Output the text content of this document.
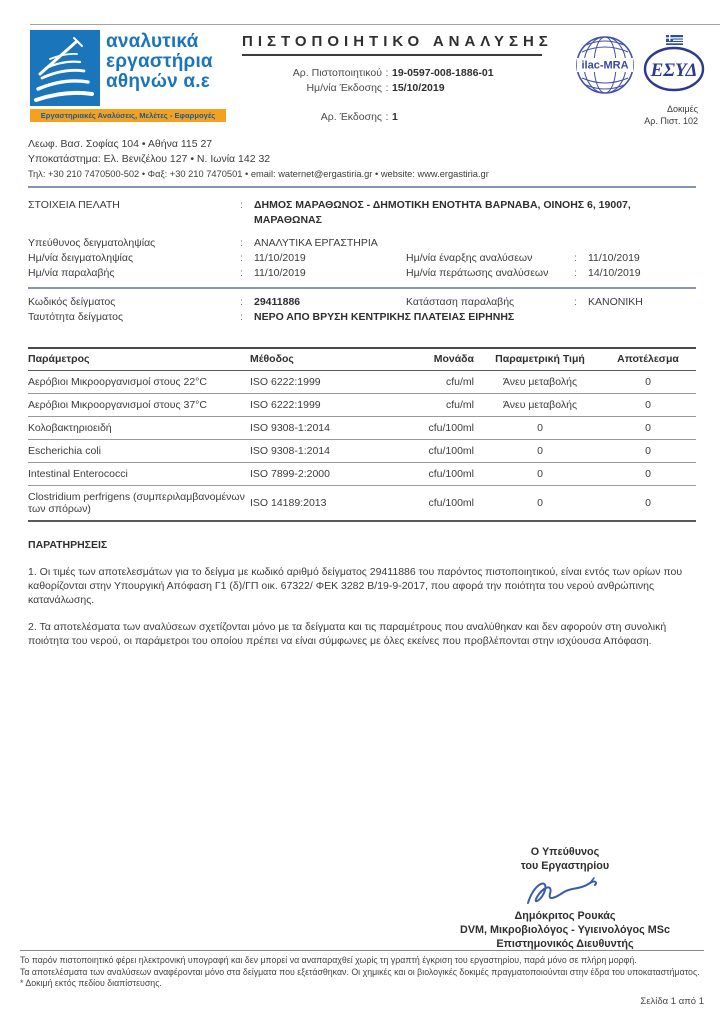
αναλυτικά
εργαστήρια
αθηνών α.ε
Εργαστηριακές Αναλύσεις, Μελέτες - Εφαρμογές
ΠΙΣΤΟΠΟΙΗΤΙΚΟ ΑΝΑΛΥΣΗΣ
Αρ. Πιστοποιητικού : 19-0597-008-1886-01
Ημ/νία Έκδοσης : 15/10/2019
Αρ. Έκδοσης : 1
ilac-MRA ΕΣΥΔ
Δοκιμές
Αρ. Πιστ. 102
Λεωφ. Βασ. Σοφίας 104 • Αθήνα 115 27
Υποκατάστημα: Ελ. Βενιζέλου 127 • Ν. Ιωνία 142 32
Τηλ: +30 210 7470500-502 • Φαξ: +30 210 7470501 • email: waternet@ergastiria.gr • website: www.ergastiria.gr
ΣΤΟΙΧΕΙΑ ΠΕΛΑΤΗ :	ΔΗΜΟΣ ΜΑΡΑΘΩΝΟΣ - ΔΗΜΟΤΙΚΗ ΕΝΟΤΗΤΑ ΒΑΡΝΑΒΑ, ΟΙΝΟΗΣ 6, 19007, ΜΑΡΑΘΩΝΑΣ
Υπεύθυνος δειγματοληψίας :	ΑΝΑΛΥΤΙΚΑ ΕΡΓΑΣΤΗΡΙΑ
Ημ/νία δειγματοληψίας :	11/10/2019	Ημ/νία έναρξης αναλύσεων :	11/10/2019
Ημ/νία παραλαβής :	11/10/2019	Ημ/νία περάτωσης αναλύσεων :	14/10/2019
Κωδικός δείγματος :	29411886	Κατάσταση παραλαβής :	ΚΑΝΟΝΙΚΗ
Ταυτότητα δείγματος :	ΝΕΡΟ ΑΠΟ ΒΡΥΣΗ ΚΕΝΤΡΙΚΗΣ ΠΛΑΤΕΙΑΣ ΕΙΡΗΝΗΣ
Παράμετρος	Μέθοδος	Μονάδα	Παραμετρική Τιμή	Αποτέλεσμα
Αερόβιοι Μικροοργανισμοί στους 22°C	ISO 6222:1999	cfu/ml	Άνευ μεταβολής	0
Αερόβιοι Μικροοργανισμοί στους 37°C	ISO 6222:1999	cfu/ml	Άνευ μεταβολής	0
Κολοβακτηριοειδή	ISO 9308-1:2014	cfu/100ml	0	0
Escherichia coli	ISO 9308-1:2014	cfu/100ml	0	0
Intestinal Enterococci	ISO 7899-2:2000	cfu/100ml	0	0
Clostridium perfrigens (συμπεριλαμβανομένων των σπόρων)	ISO 14189:2013	cfu/100ml	0	0
ΠΑΡΑΤΗΡΗΣΕΙΣ

1. Οι τιμές των αποτελεσμάτων για το δείγμα με κωδικό αριθμό δείγματος 29411886 του παρόντος πιστοποιητικού, είναι εντός των ορίων που καθορίζονται στην Υπουργική Απόφαση Γ1 (δ)/ΓΠ οικ. 67322/ ΦΕΚ 3282 Β/19-9-2017, που αφορά την ποιότητα του νερού ανθρώπινης κατανάλωσης.

2. Τα αποτελέσματα των αναλύσεων σχετίζονται μόνο με τα δείγματα και τις παραμέτρους που αναλύθηκαν και δεν αφορούν στη συνολική ποιότητα του νερού, οι παράμετροι του οποίου πρέπει να είναι σύμφωνες με όλες εκείνες που προβλέπονται στην ισχύουσα Απόφαση.

Ο Υπεύθυνος
του Εργαστηρίου
Δημόκριτος Ρουκάς
DVM, Μικροβιολόγος - Υγιεινολόγος MSc
Επιστημονικός Διευθυντής
Το παρόν πιστοποιητικό φέρει ηλεκτρονική υπογραφή και δεν μπορεί να αναπαραχθεί χωρίς τη γραπτή έγκριση του εργαστηρίου, παρά μόνο σε πλήρη μορφή.
Τα αποτελέσματα των αναλύσεων αναφέρονται μόνο στα δείγματα που εξετάσθηκαν. Οι χημικές και οι βιολογικές δοκιμές πραγματοποιούνται στην έδρα του υποκαταστήματος.
* Δοκιμή εκτός πεδίου διαπίστευσης.
Σελίδα 1 από 1
